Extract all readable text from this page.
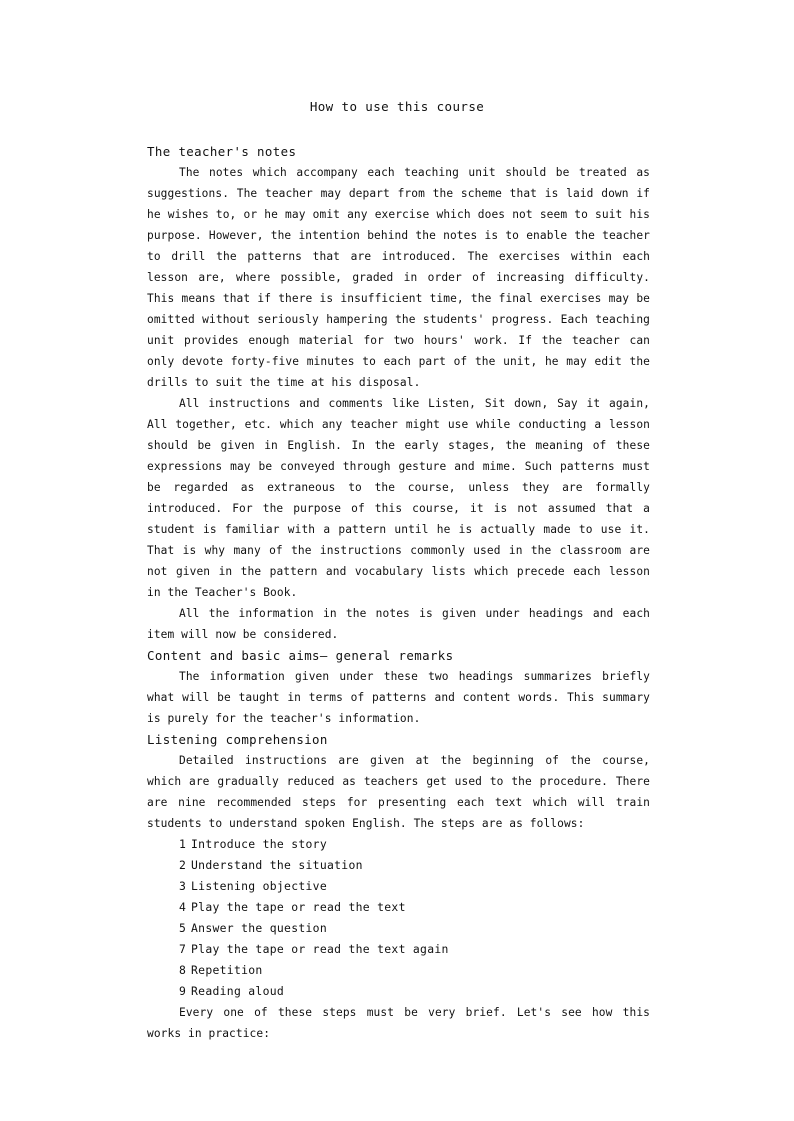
How to use this course

The teacher's notes

The notes which accompany each teaching unit should be treated as suggestions. The teacher may depart from the scheme that is laid down if he wishes to, or he may omit any exercise which does not seem to suit his purpose. However, the intention behind the notes is to enable the teacher to drill the patterns that are introduced. The exercises within each lesson are, where possible, graded in order of increasing difficulty. This means that if there is insufficient time, the final exercises may be omitted without seriously hampering the students' progress. Each teaching unit provides enough material for two hours' work. If the teacher can only devote forty-five minutes to each part of the unit, he may edit the drills to suit the time at his disposal.

All instructions and comments like Listen, Sit down, Say it again, All together, etc. which any teacher might use while conducting a lesson should be given in English. In the early stages, the meaning of these expressions may be conveyed through gesture and mime. Such patterns must be regarded as extraneous to the course, unless they are formally introduced. For the purpose of this course, it is not assumed that a student is familiar with a pattern until he is actually made to use it. That is why many of the instructions commonly used in the classroom are not given in the pattern and vocabulary lists which precede each lesson in the Teacher's Book.

All the information in the notes is given under headings and each item will now be considered.

Content and basic aims— general remarks

The information given under these two headings summarizes briefly what will be taught in terms of patterns and content words. This summary is purely for the teacher's information.

Listening comprehension

Detailed instructions are given at the beginning of the course, which are gradually reduced as teachers get used to the procedure. There are nine recommended steps for presenting each text which will train students to understand spoken English. The steps are as follows:

1 Introduce the story
2 Understand the situation
3 Listening objective
4 Play the tape or read the text
5 Answer the question
7 Play the tape or read the text again
8 Repetition
9 Reading aloud

Every one of these steps must be very brief. Let's see how this works in practice:
